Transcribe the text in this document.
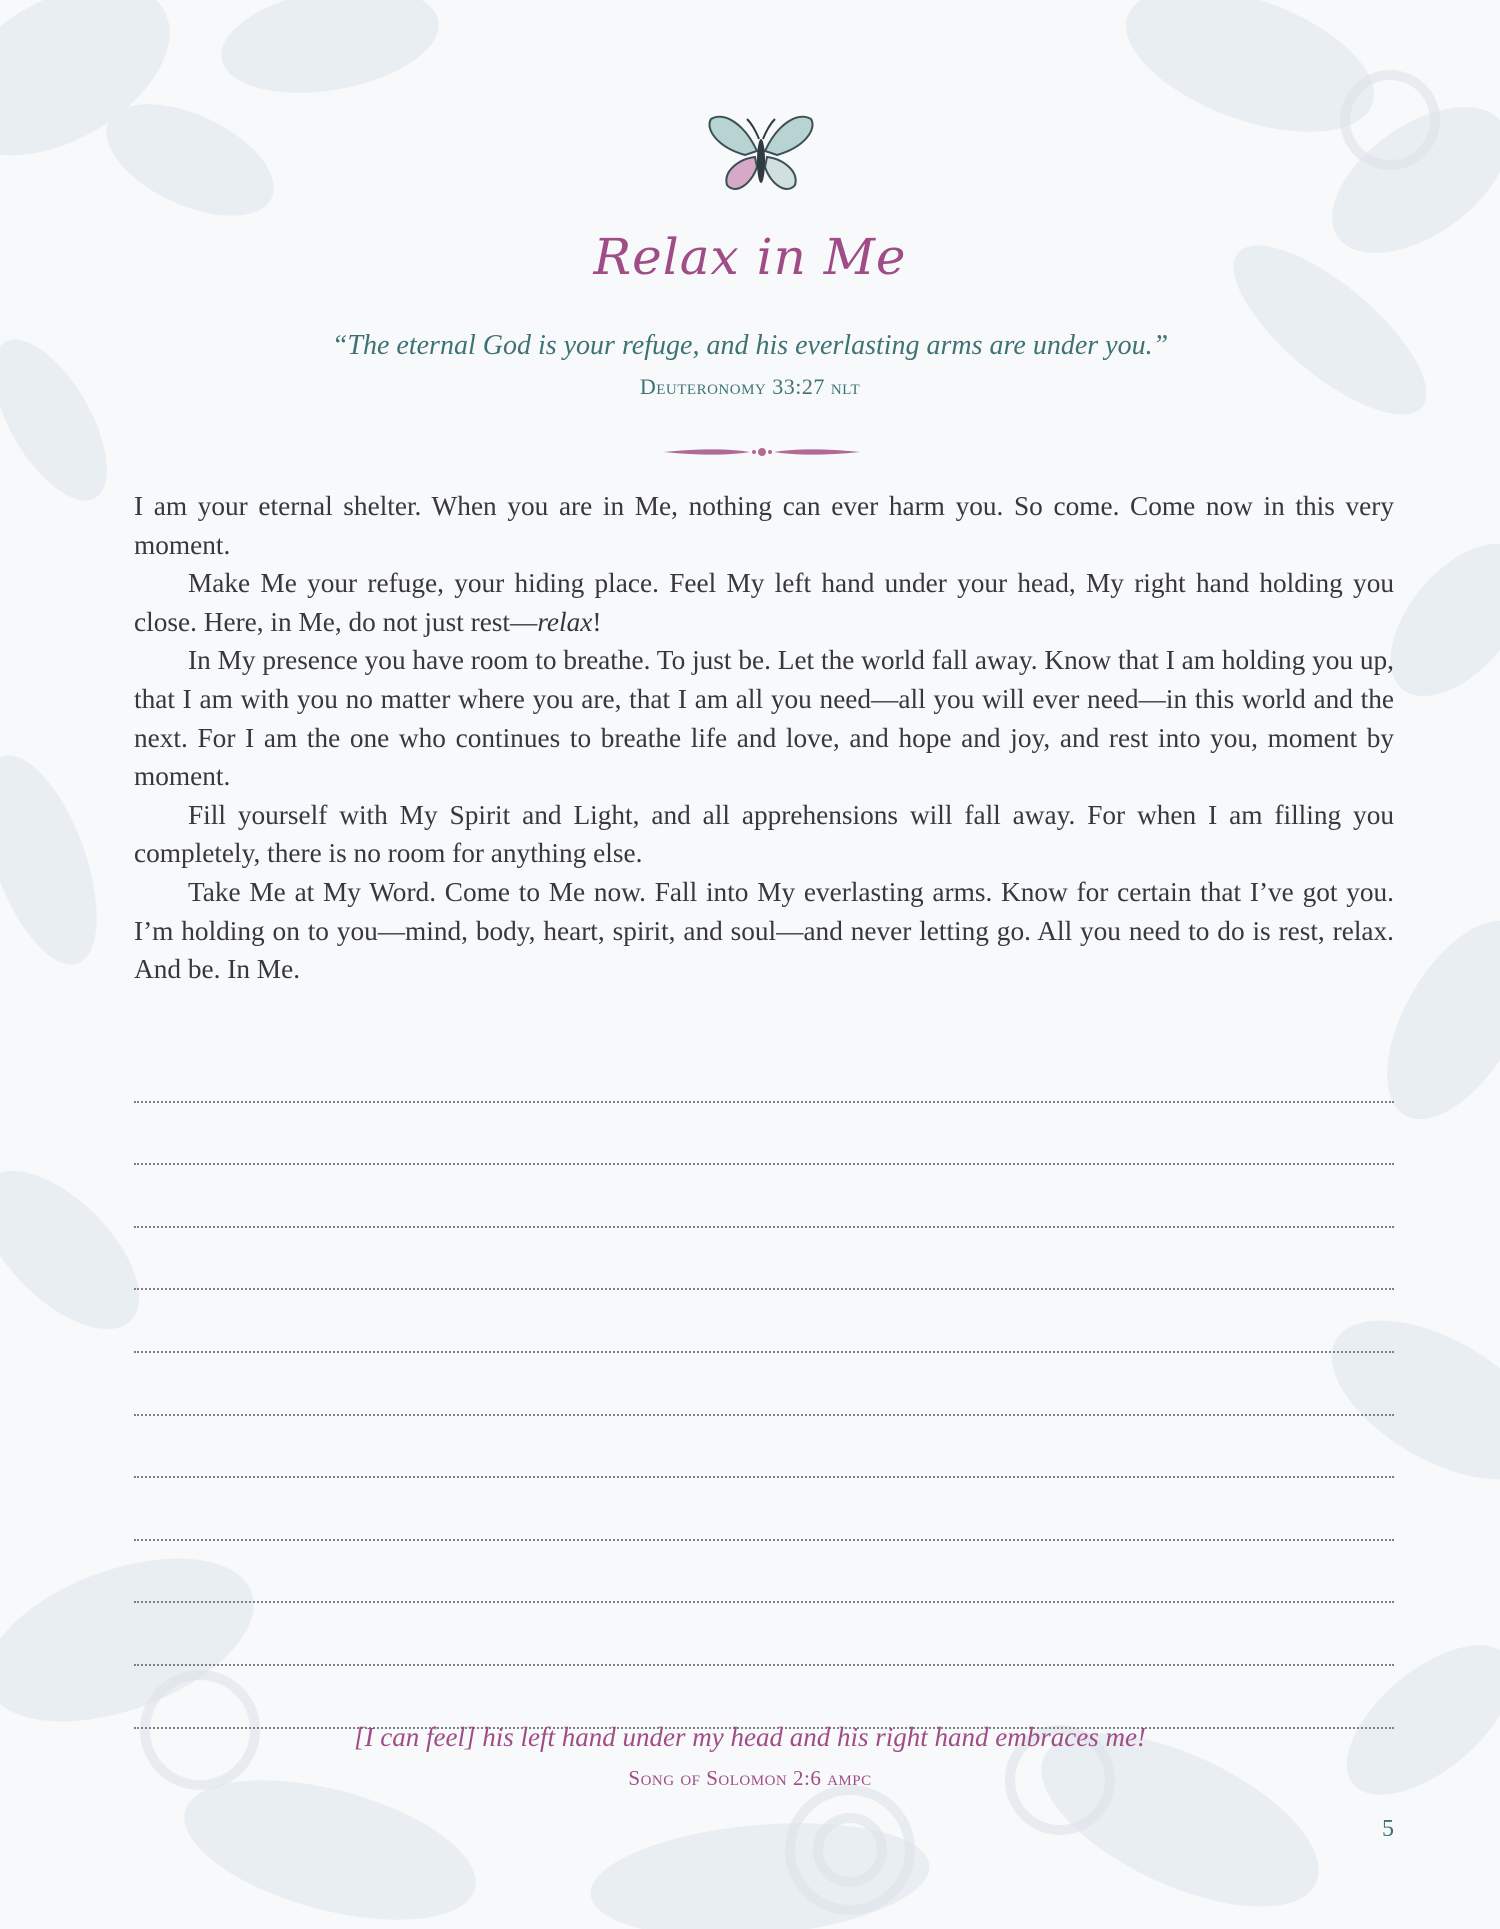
Relax in Me
“The eternal God is your refuge, and his everlasting arms are under you.”
Deuteronomy 33:27 nlt

I am your eternal shelter. When you are in Me, nothing can ever harm you. So come. Come now in this very moment.

Make Me your refuge, your hiding place. Feel My left hand under your head, My right hand holding you close. Here, in Me, do not just rest—relax!

In My presence you have room to breathe. To just be. Let the world fall away. Know that I am holding you up, that I am with you no matter where you are, that I am all you need—all you will ever need—in this world and the next. For I am the one who continues to breathe life and love, and hope and joy, and rest into you, moment by moment.

Fill yourself with My Spirit and Light, and all apprehensions will fall away. For when I am filling you completely, there is no room for anything else.

Take Me at My Word. Come to Me now. Fall into My everlasting arms. Know for certain that I’ve got you. I’m holding on to you—mind, body, heart, spirit, and soul—and never letting go. All you need to do is rest, relax. And be. In Me.

[I can feel] his left hand under my head and his right hand embraces me!
Song of Solomon 2:6 ampc
5
